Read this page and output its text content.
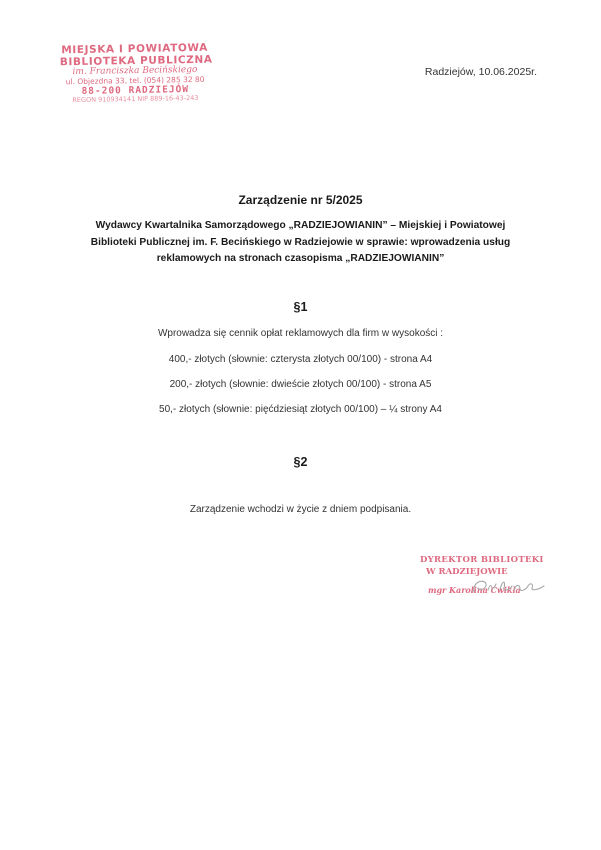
MIEJSKA I POWIATOWA
BIBLIOTEKA PUBLICZNA
im. Franciszka Becińskiego
ul. Objezdna 33, tel. (054) 285 32 80
88-200 RADZIEJÓW
REGON 910934141 NIP 889-16-43-243
Radziejów, 10.06.2025r.
Zarządzenie nr 5/2025
Wydawcy Kwartalnika Samorządowego „RADZIEJOWIANIN” – Miejskiej i Powiatowej
Biblioteki Publicznej im. F. Becińskiego w Radziejowie w sprawie: wprowadzenia usług
reklamowych na stronach czasopisma „RADZIEJOWIANIN”
§1
Wprowadza się cennik opłat reklamowych dla firm w wysokości :
400,- złotych (słownie: czterysta złotych 00/100) - strona A4
200,- złotych (słownie: dwieście złotych 00/100) - strona A5
50,- złotych (słownie: pięćdziesiąt złotych 00/100) – ¼ strony A4
§2
Zarządzenie wchodzi w życie z dniem podpisania.
DYREKTOR BIBLIOTEKI
W RADZIEJOWIE
mgr Karolina Ćwikła
